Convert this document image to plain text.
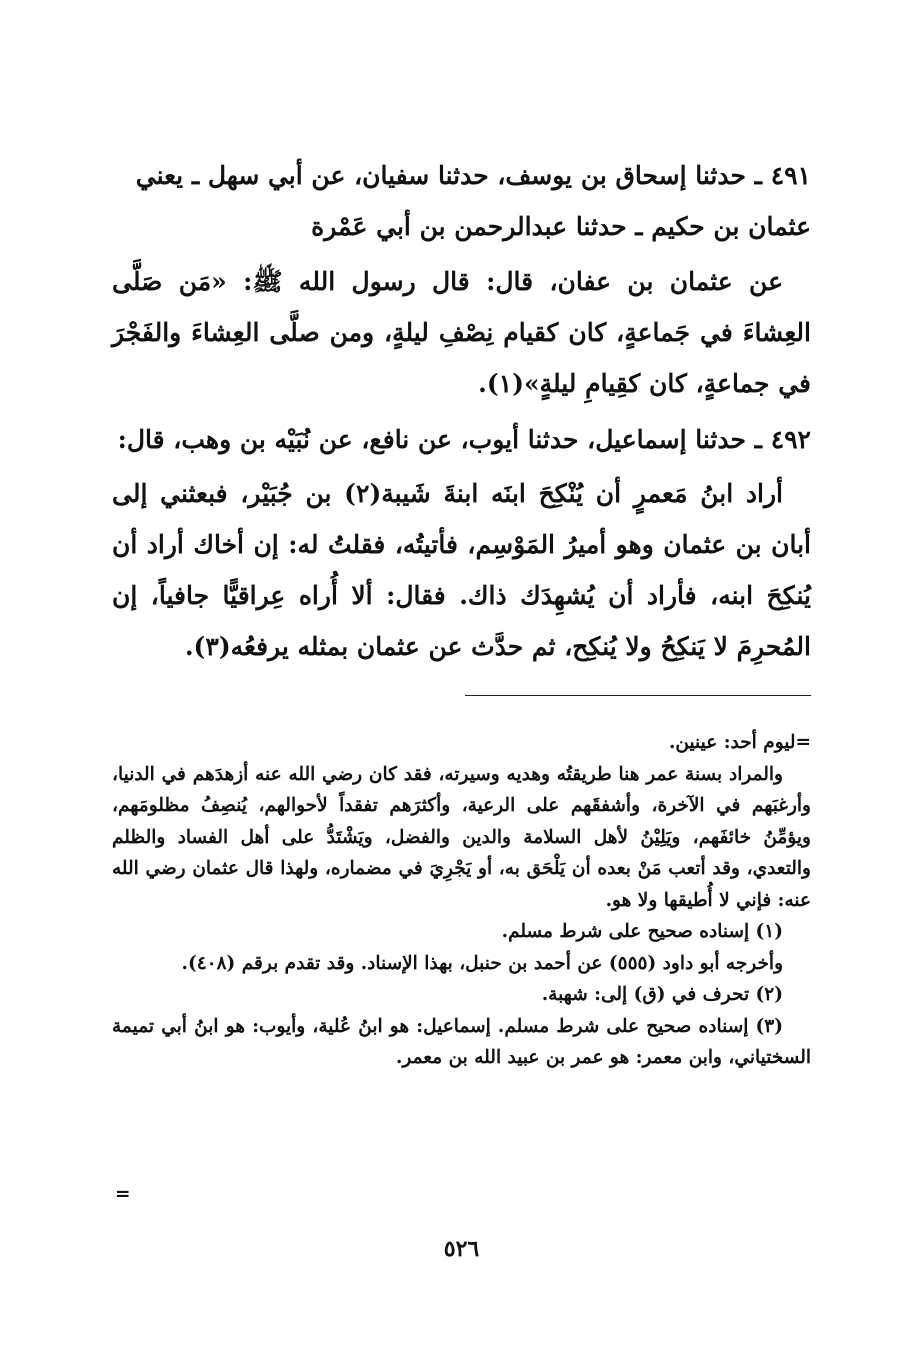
٤٩١ ـ حدثنا إسحاق بن يوسف، حدثنا سفيان، عن أبي سهل ـ يعني

عثمان بن حكيم ـ حدثنا عبدالرحمن بن أبي عَمْرة

عن عثمان بن عفان، قال: قال رسول الله ﷺ: «مَن صَلَّى العِشاءَ في جَماعةٍ، كان كقيام نِصْفِ ليلةٍ، ومن صلَّى العِشاءَ والفَجْرَ في جماعةٍ، كان كقِيامِ ليلةٍ»(١).

٤٩٢ ـ حدثنا إسماعيل، حدثنا أيوب، عن نافع، عن نُبَيْه بن وهب، قال:

أراد ابنُ مَعمرٍ أن يُنْكِحَ ابنَه ابنةَ شَيبة(٢) بن جُبَيْر، فبعثني إلى أبان بن عثمان وهو أميرُ المَوْسِم، فأتيتُه، فقلتُ له: إن أخاك أراد أن يُنكِحَ ابنه، فأراد أن يُشهِدَك ذاك. فقال: ألا أُراه عِراقيًّا جافياً، إن المُحرِمَ لا يَنكِحُ ولا يُنكِح، ثم حدَّث عن عثمان بمثله يرفعُه(٣).

=ليوم أحد: عينين.

والمراد بسنة عمر هنا طريقتُه وهديه وسيرته، فقد كان رضي الله عنه أزهدَهم في الدنيا، وأرغبَهم في الآخرة، وأشفقَهم على الرعية، وأكثرَهم تفقداً لأحوالهم، يُنصِفُ مظلومَهم، ويؤمِّنُ خائفَهم، ويَلِيْنُ لأهل السلامة والدين والفضل، ويَشْتَدُّ على أهل الفساد والظلم والتعدي، وقد أتعب مَنْ بعده أن يَلْحَق به، أو يَجْرِيَ في مضماره، ولهذا قال عثمان رضي الله عنه: فإني لا أُطيقها ولا هو.

(١) إسناده صحيح على شرط مسلم.

وأخرجه أبو داود (٥٥٥) عن أحمد بن حنبل، بهذا الإسناد. وقد تقدم برقم (٤٠٨).

(٢) تحرف في (ق) إلى: شهبة.

(٣) إسناده صحيح على شرط مسلم. إسماعيل: هو ابنُ عُلية، وأيوب: هو ابنُ أبي تميمة السختياني، وابن معمر: هو عمر بن عبيد الله بن معمر.

=
٥٢٦
